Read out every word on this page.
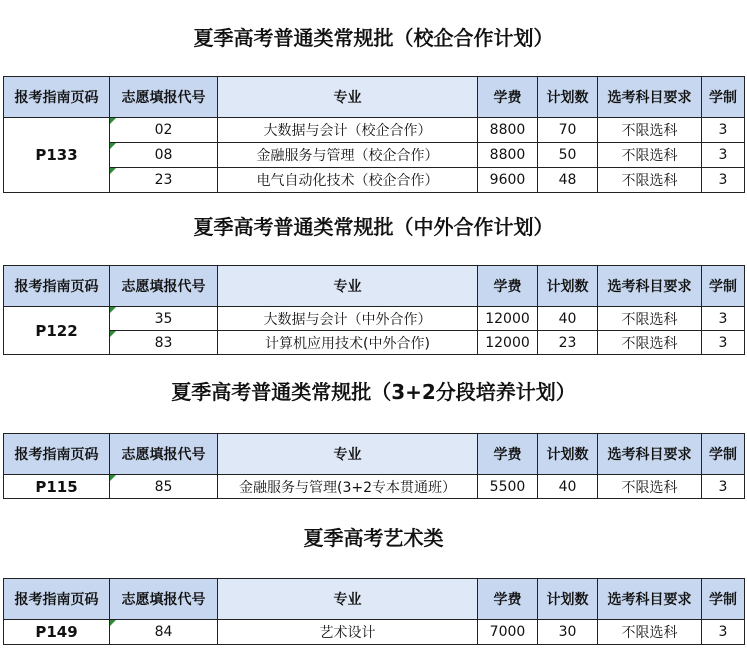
夏季高考普通类常规批（校企合作计划）
报考指南页码	志愿填报代号	专业	学费	计划数	选考科目要求	学制
P133	02	大数据与会计（校企合作）	8800	70	不限选科	3
	08	金融服务与管理（校企合作）	8800	50	不限选科	3
	23	电气自动化技术（校企合作）	9600	48	不限选科	3
夏季高考普通类常规批（中外合作计划）
报考指南页码	志愿填报代号	专业	学费	计划数	选考科目要求	学制
P122	35	大数据与会计（中外合作）	12000	40	不限选科	3
	83	计算机应用技术(中外合作)	12000	23	不限选科	3
夏季高考普通类常规批（3+2分段培养计划）
报考指南页码	志愿填报代号	专业	学费	计划数	选考科目要求	学制
P115	85	金融服务与管理(3+2专本贯通班）	5500	40	不限选科	3
夏季高考艺术类
报考指南页码	志愿填报代号	专业	学费	计划数	选考科目要求	学制
P149	84	艺术设计	7000	30	不限选科	3
